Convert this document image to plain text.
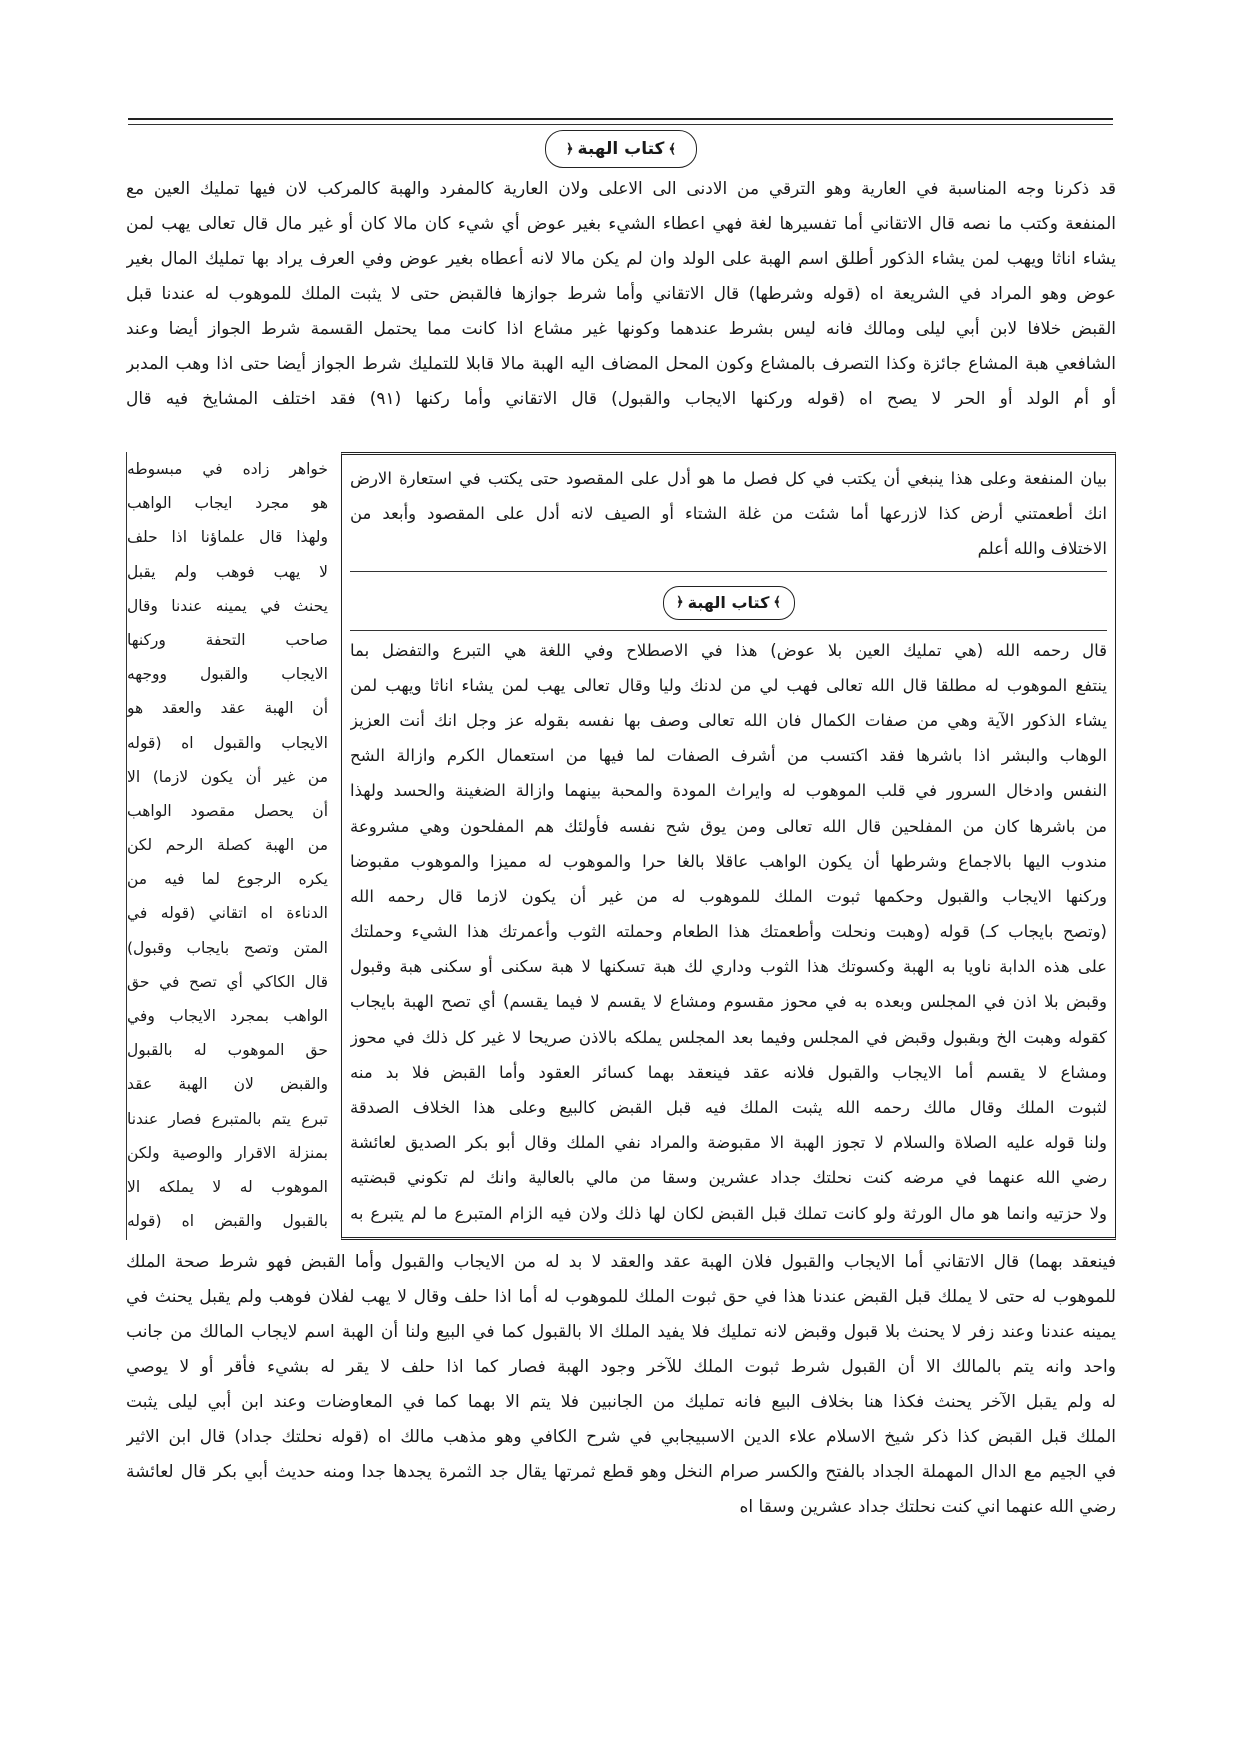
﴾
كتاب الهبة
﴿
قد ذكرنا وجه المناسبة في العارية وهو الترقي من الادنى الى الاعلى ولان العارية كالمفرد والهبة كالمركب لان فيها تمليك العين مع
المنفعة وكتب ما نصه قال الاتقاني أما تفسيرها لغة فهي اعطاء الشيء بغير عوض أي شيء كان مالا كان أو غير مال قال تعالى يهب لمن
يشاء اناثا ويهب لمن يشاء الذكور أطلق اسم الهبة على الولد وان لم يكن مالا لانه أعطاه بغير عوض وفي العرف يراد بها تمليك المال بغير
عوض وهو المراد في الشريعة اه (قوله وشرطها) قال الاتقاني وأما شرط جوازها فالقبض حتى لا يثبت الملك للموهوب له عندنا قبل
القبض خلافا لابن أبي ليلى ومالك فانه ليس بشرط عندهما وكونها غير مشاع اذا كانت مما يحتمل القسمة شرط الجواز أيضا وعند
الشافعي هبة المشاع جائزة وكذا التصرف بالمشاع وكون المحل المضاف اليه الهبة مالا قابلا للتمليك شرط الجواز أيضا حتى اذا وهب المدبر
أو أم الولد أو الحر لا يصح اه (قوله وركنها الايجاب والقبول) قال الاتقاني وأما ركنها (٩١) فقد اختلف المشايخ فيه قال
خواهر زاده في مبسوطه
هو مجرد ايجاب الواهب
ولهذا قال علماؤنا اذا حلف
لا يهب فوهب ولم يقبل
يحنث في يمينه عندنا وقال
صاحب التحفة وركنها
الايجاب والقبول ووجهه
أن الهبة عقد والعقد هو
الايجاب والقبول اه (قوله
من غير أن يكون لازما) الا
أن يحصل مقصود الواهب
من الهبة كصلة الرحم لكن
يكره الرجوع لما فيه من
الدناءة اه اتقاني (قوله في
المتن وتصح بايجاب وقبول)
قال الكاكي أي تصح في حق
الواهب بمجرد الايجاب وفي
حق الموهوب له بالقبول
والقبض لان الهبة عقد
تبرع يتم بالمتبرع فصار عندنا
بمنزلة الاقرار والوصية ولكن
الموهوب له لا يملكه الا
بالقبول والقبض اه (قوله
بيان المنفعة وعلى هذا ينبغي أن يكتب في كل فصل ما هو أدل على المقصود حتى يكتب في استعارة الارض
انك أطعمتني أرض كذا لازرعها أما شئت من غلة الشتاء أو الصيف لانه أدل على المقصود وأبعد من
الاختلاف والله أعلم
﴾
كتاب الهبة
﴿
قال رحمه الله (هي تمليك العين بلا عوض) هذا في الاصطلاح وفي اللغة هي التبرع والتفضل بما
ينتفع الموهوب له مطلقا قال الله تعالى فهب لي من لدنك وليا وقال تعالى يهب لمن يشاء اناثا ويهب لمن
يشاء الذكور الآية وهي من صفات الكمال فان الله تعالى وصف بها نفسه بقوله عز وجل انك أنت العزيز
الوهاب والبشر اذا باشرها فقد اكتسب من أشرف الصفات لما فيها من استعمال الكرم وازالة الشح
النفس وادخال السرور في قلب الموهوب له وايراث المودة والمحبة بينهما وازالة الضغينة والحسد ولهذا
من باشرها كان من المفلحين قال الله تعالى ومن يوق شح نفسه فأولئك هم المفلحون وهي مشروعة
مندوب اليها بالاجماع وشرطها أن يكون الواهب عاقلا بالغا حرا والموهوب له مميزا والموهوب مقبوضا
وركنها الايجاب والقبول وحكمها ثبوت الملك للموهوب له من غير أن يكون لازما قال رحمه الله
(وتصح بايجاب كـ) قوله (وهبت ونحلت وأطعمتك هذا الطعام وحملته الثوب وأعمرتك هذا الشيء وحملتك
على هذه الدابة ناويا به الهبة وكسوتك هذا الثوب وداري لك هبة تسكنها لا هبة سكنى أو سكنى هبة وقبول
وقبض بلا اذن في المجلس وبعده به في محوز مقسوم ومشاع لا يقسم لا فيما يقسم) أي تصح الهبة بايجاب
كقوله وهبت الخ وبقبول وقبض في المجلس وفيما بعد المجلس يملكه بالاذن صريحا لا غير كل ذلك في محوز
ومشاع لا يقسم أما الايجاب والقبول فلانه عقد فينعقد بهما كسائر العقود وأما القبض فلا بد منه
لثبوت الملك وقال مالك رحمه الله يثبت الملك فيه قبل القبض كالبيع وعلى هذا الخلاف الصدقة
ولنا قوله عليه الصلاة والسلام لا تجوز الهبة الا مقبوضة والمراد نفي الملك وقال أبو بكر الصديق لعائشة
رضي الله عنهما في مرضه كنت نحلتك جداد عشرين وسقا من مالي بالعالية وانك لم تكوني قبضتيه
ولا حزتيه وانما هو مال الورثة ولو كانت تملك قبل القبض لكان لها ذلك ولان فيه الزام المتبرع ما لم يتبرع به
فينعقد بهما) قال الاتقاني أما الايجاب والقبول فلان الهبة عقد والعقد لا بد له من الايجاب والقبول وأما القبض فهو شرط صحة الملك
للموهوب له حتى لا يملك قبل القبض عندنا هذا في حق ثبوت الملك للموهوب له أما اذا حلف وقال لا يهب لفلان فوهب ولم يقبل يحنث في
يمينه عندنا وعند زفر لا يحنث بلا قبول وقبض لانه تمليك فلا يفيد الملك الا بالقبول كما في البيع ولنا أن الهبة اسم لايجاب المالك من جانب
واحد وانه يتم بالمالك الا أن القبول شرط ثبوت الملك للآخر وجود الهبة فصار كما اذا حلف لا يقر له بشيء فأقر أو لا يوصي
له ولم يقبل الآخر يحنث فكذا هنا بخلاف البيع فانه تمليك من الجانبين فلا يتم الا بهما كما في المعاوضات وعند ابن أبي ليلى يثبت
الملك قبل القبض كذا ذكر شيخ الاسلام علاء الدين الاسبيجابي في شرح الكافي وهو مذهب مالك اه (قوله نحلتك جداد) قال ابن الاثير
في الجيم مع الدال المهملة الجداد بالفتح والكسر صرام النخل وهو قطع ثمرتها يقال جد الثمرة يجدها جدا ومنه حديث أبي بكر قال لعائشة
رضي الله عنهما اني كنت نحلتك جداد عشرين وسقا اه
